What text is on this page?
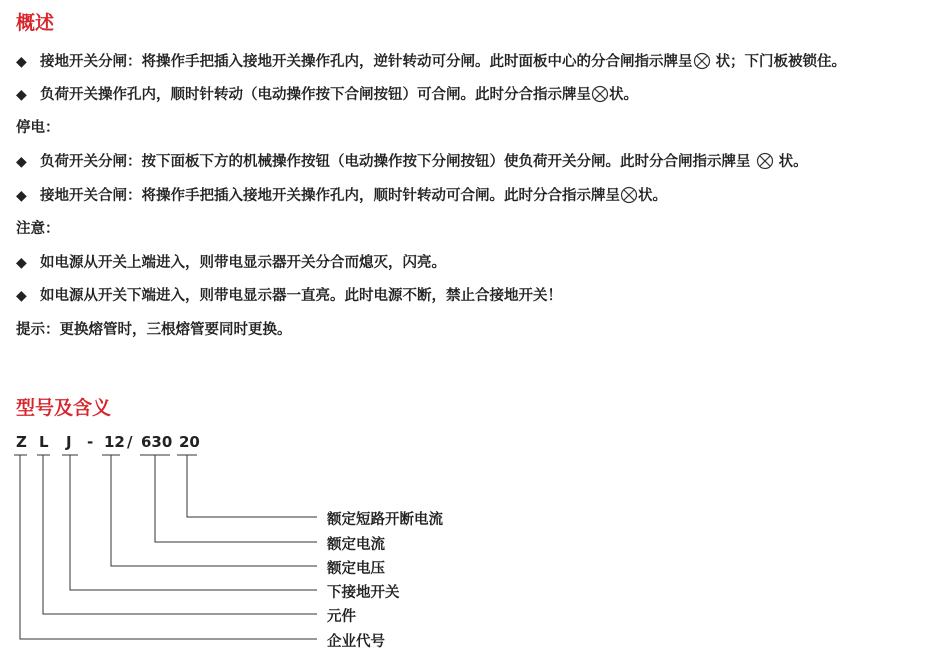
概述
◆ 接地开关分闸：将操作手把插入接地开关操作孔内，逆针转动可分闸。此时面板中心的分合闸指示牌呈 状；下门板被锁住。
◆ 负荷开关操作孔内，顺时针转动（电动操作按下合闸按钮）可合闸。此时分合指示牌呈 状。
停电：
◆ 负荷开关分闸：按下面板下方的机械操作按钮（电动操作按下分闸按钮）使负荷开关分闸。此时分合闸指示牌呈 状。
◆ 接地开关合闸：将操作手把插入接地开关操作孔内，顺时针转动可合闸。此时分合指示牌呈 状。
注意：
◆ 如电源从开关上端进入，则带电显示器开关分合而熄灭，闪亮。
◆ 如电源从开关下端进入，则带电显示器一直亮。此时电源不断，禁止合接地开关！
提示：更换熔管时，三根熔管要同时更换。
型号及含义
Z L J - 12 / 630 20
额定短路开断电流
额定电流
额定电压
下接地开关
元件
企业代号
